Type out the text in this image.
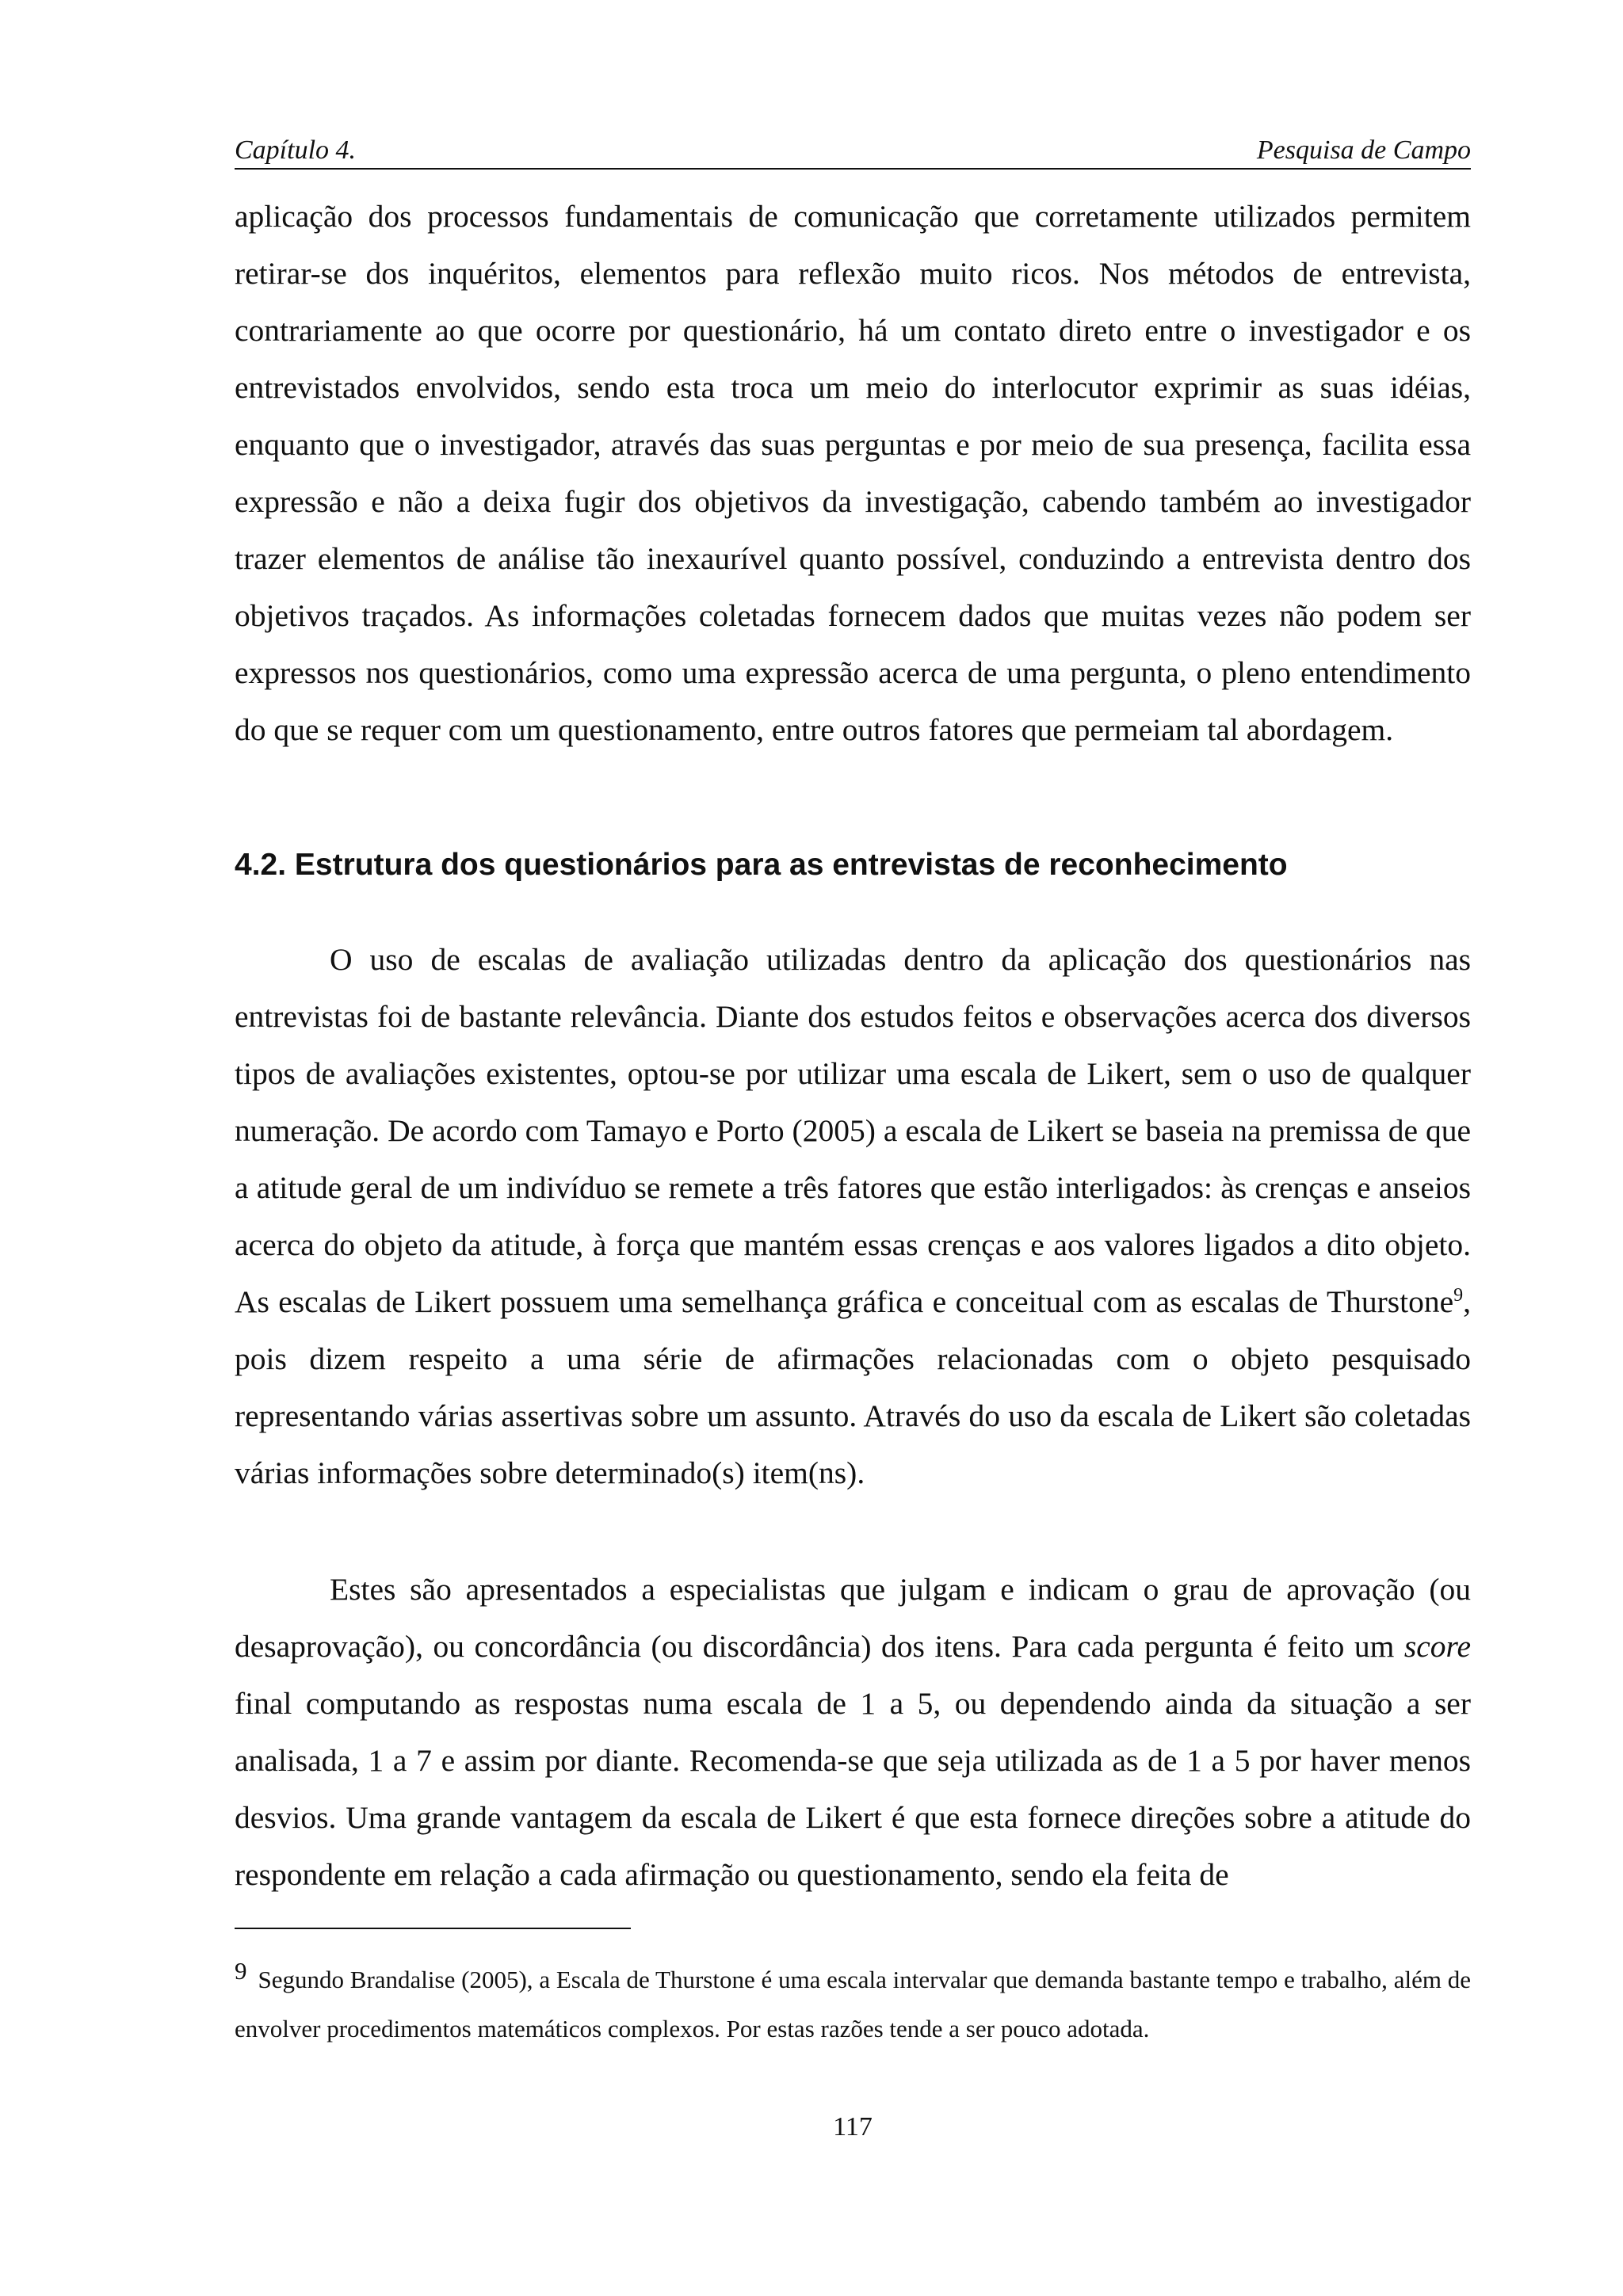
Capítulo 4.	Pesquisa de Campo

aplicação dos processos fundamentais de comunicação que corretamente utilizados permitem retirar-se dos inquéritos, elementos para reflexão muito ricos. Nos métodos de entrevista, contrariamente ao que ocorre por questionário, há um contato direto entre o investigador e os entrevistados envolvidos, sendo esta troca um meio do interlocutor exprimir as suas idéias, enquanto que o investigador, através das suas perguntas e por meio de sua presença, facilita essa expressão e não a deixa fugir dos objetivos da investigação, cabendo também ao investigador trazer elementos de análise tão inexaurível quanto possível, conduzindo a entrevista dentro dos objetivos traçados. As informações coletadas fornecem dados que muitas vezes não podem ser expressos nos questionários, como uma expressão acerca de uma pergunta, o pleno entendimento do que se requer com um questionamento, entre outros fatores que permeiam tal abordagem.

4.2. Estrutura dos questionários para as entrevistas de reconhecimento

O uso de escalas de avaliação utilizadas dentro da aplicação dos questionários nas entrevistas foi de bastante relevância. Diante dos estudos feitos e observações acerca dos diversos tipos de avaliações existentes, optou-se por utilizar uma escala de Likert, sem o uso de qualquer numeração. De acordo com Tamayo e Porto (2005) a escala de Likert se baseia na premissa de que a atitude geral de um indivíduo se remete a três fatores que estão interligados: às crenças e anseios acerca do objeto da atitude, à força que mantém essas crenças e aos valores ligados a dito objeto. As escalas de Likert possuem uma semelhança gráfica e conceitual com as escalas de Thurstone$^9$, pois dizem respeito a uma série de afirmações relacionadas com o objeto pesquisado representando várias assertivas sobre um assunto. Através do uso da escala de Likert são coletadas várias informações sobre determinado(s) item(ns).

Estes são apresentados a especialistas que julgam e indicam o grau de aprovação (ou desaprovação), ou concordância (ou discordância) dos itens. Para cada pergunta é feito um score final computando as respostas numa escala de 1 a 5, ou dependendo ainda da situação a ser analisada, 1 a 7 e assim por diante. Recomenda-se que seja utilizada as de 1 a 5 por haver menos desvios. Uma grande vantagem da escala de Likert é que esta fornece direções sobre a atitude do respondente em relação a cada afirmação ou questionamento, sendo ela feita de

9 Segundo Brandalise (2005), a Escala de Thurstone é uma escala intervalar que demanda bastante tempo e trabalho, além de envolver procedimentos matemáticos complexos. Por estas razões tende a ser pouco adotada.

117
